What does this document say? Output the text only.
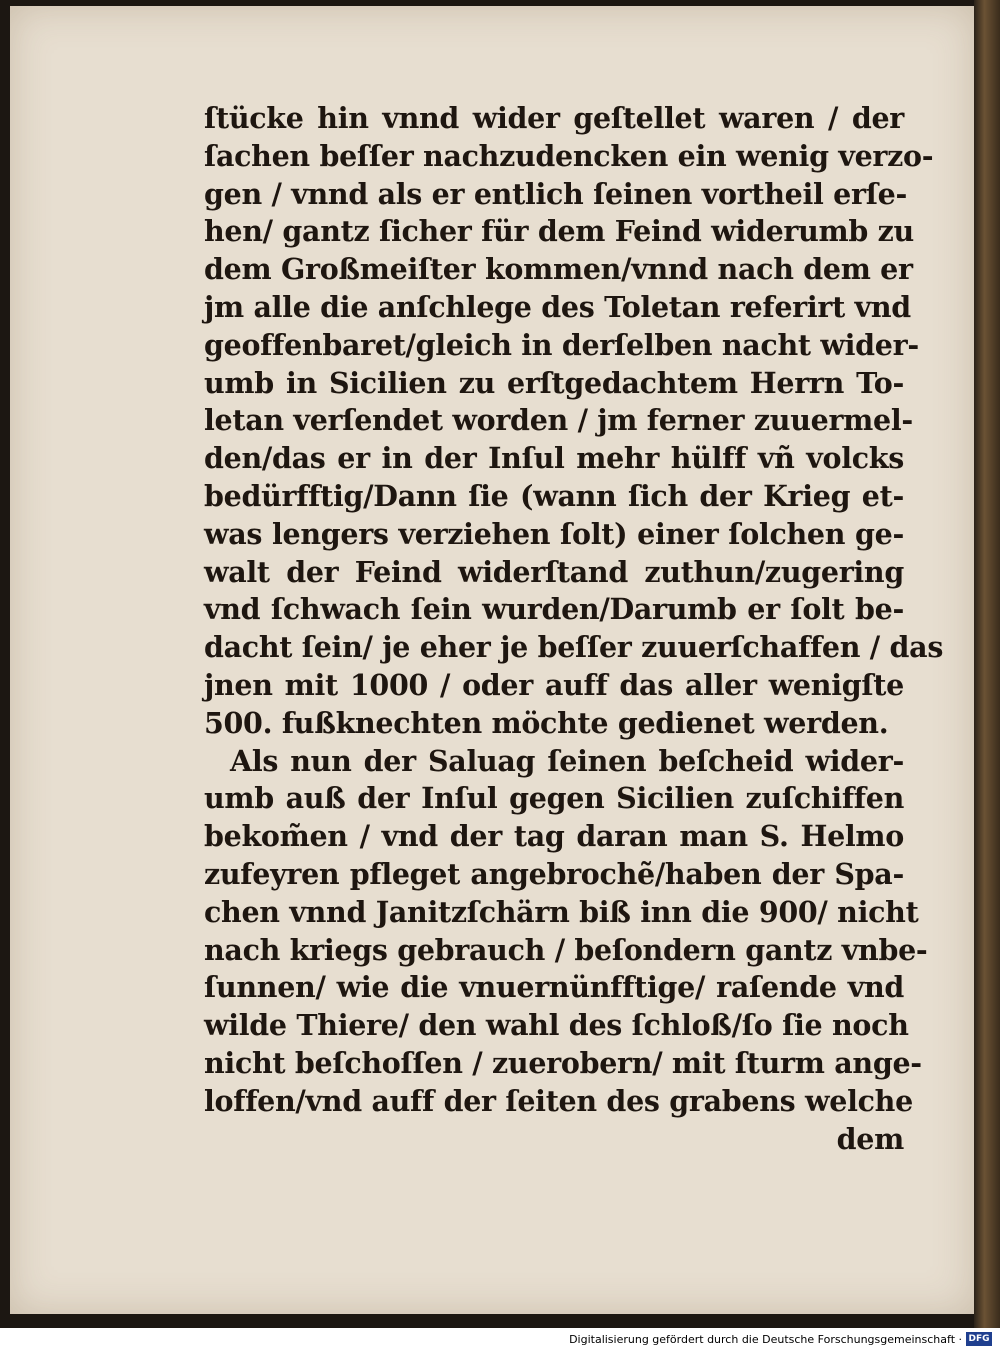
ſtücke hin vnnd wider geſtellet waren / der
ſachen beſſer nachzudencken ein wenig verzo-
gen / vnnd als er entlich ſeinen vortheil erſe-
hen/ gantz ſicher für dem Feind widerumb zu
dem Großmeiſter kommen/vnnd nach dem er
jm alle die anſchlege des Toletan referirt vnd
geoffenbaret/gleich in derſelben nacht wider-
umb in Sicilien zu erſtgedachtem Herrn To-
letan verſendet worden / jm ferner zuuermel-
den/das er in der Inſul mehr hülff vñ volcks
bedürfftig/Dann ſie (wann ſich der Krieg et-
was lengers verziehen ſolt) einer ſolchen ge-
walt der Feind widerſtand zuthun/zugering
vnd ſchwach ſein wurden/Darumb er ſolt be-
dacht ſein/ je eher je beſſer zuuerſchaffen / das
jnen mit 1000 / oder auff das aller wenigſte
500. fußknechten möchte gedienet werden.
Als nun der Saluag ſeinen beſcheid wider-
umb auß der Inſul gegen Sicilien zuſchiffen
bekom̃en / vnd der tag daran man S. Helmo
zufeyren pfleget angebrochẽ/haben der Spa-
chen vnnd Janitzſchärn biß inn die 900/ nicht
nach kriegs gebrauch / beſondern gantz vnbe-
ſunnen/ wie die vnuernünfftige/ raſende vnd
wilde Thiere/ den wahl des ſchloß/ſo ſie noch
nicht beſchoſſen / zuerobern/ mit ſturm ange-
loffen/vnd auff der ſeiten des grabens welche
dem
Digitalisierung gefördert durch die Deutsche Forschungsgemeinschaft · DFG
